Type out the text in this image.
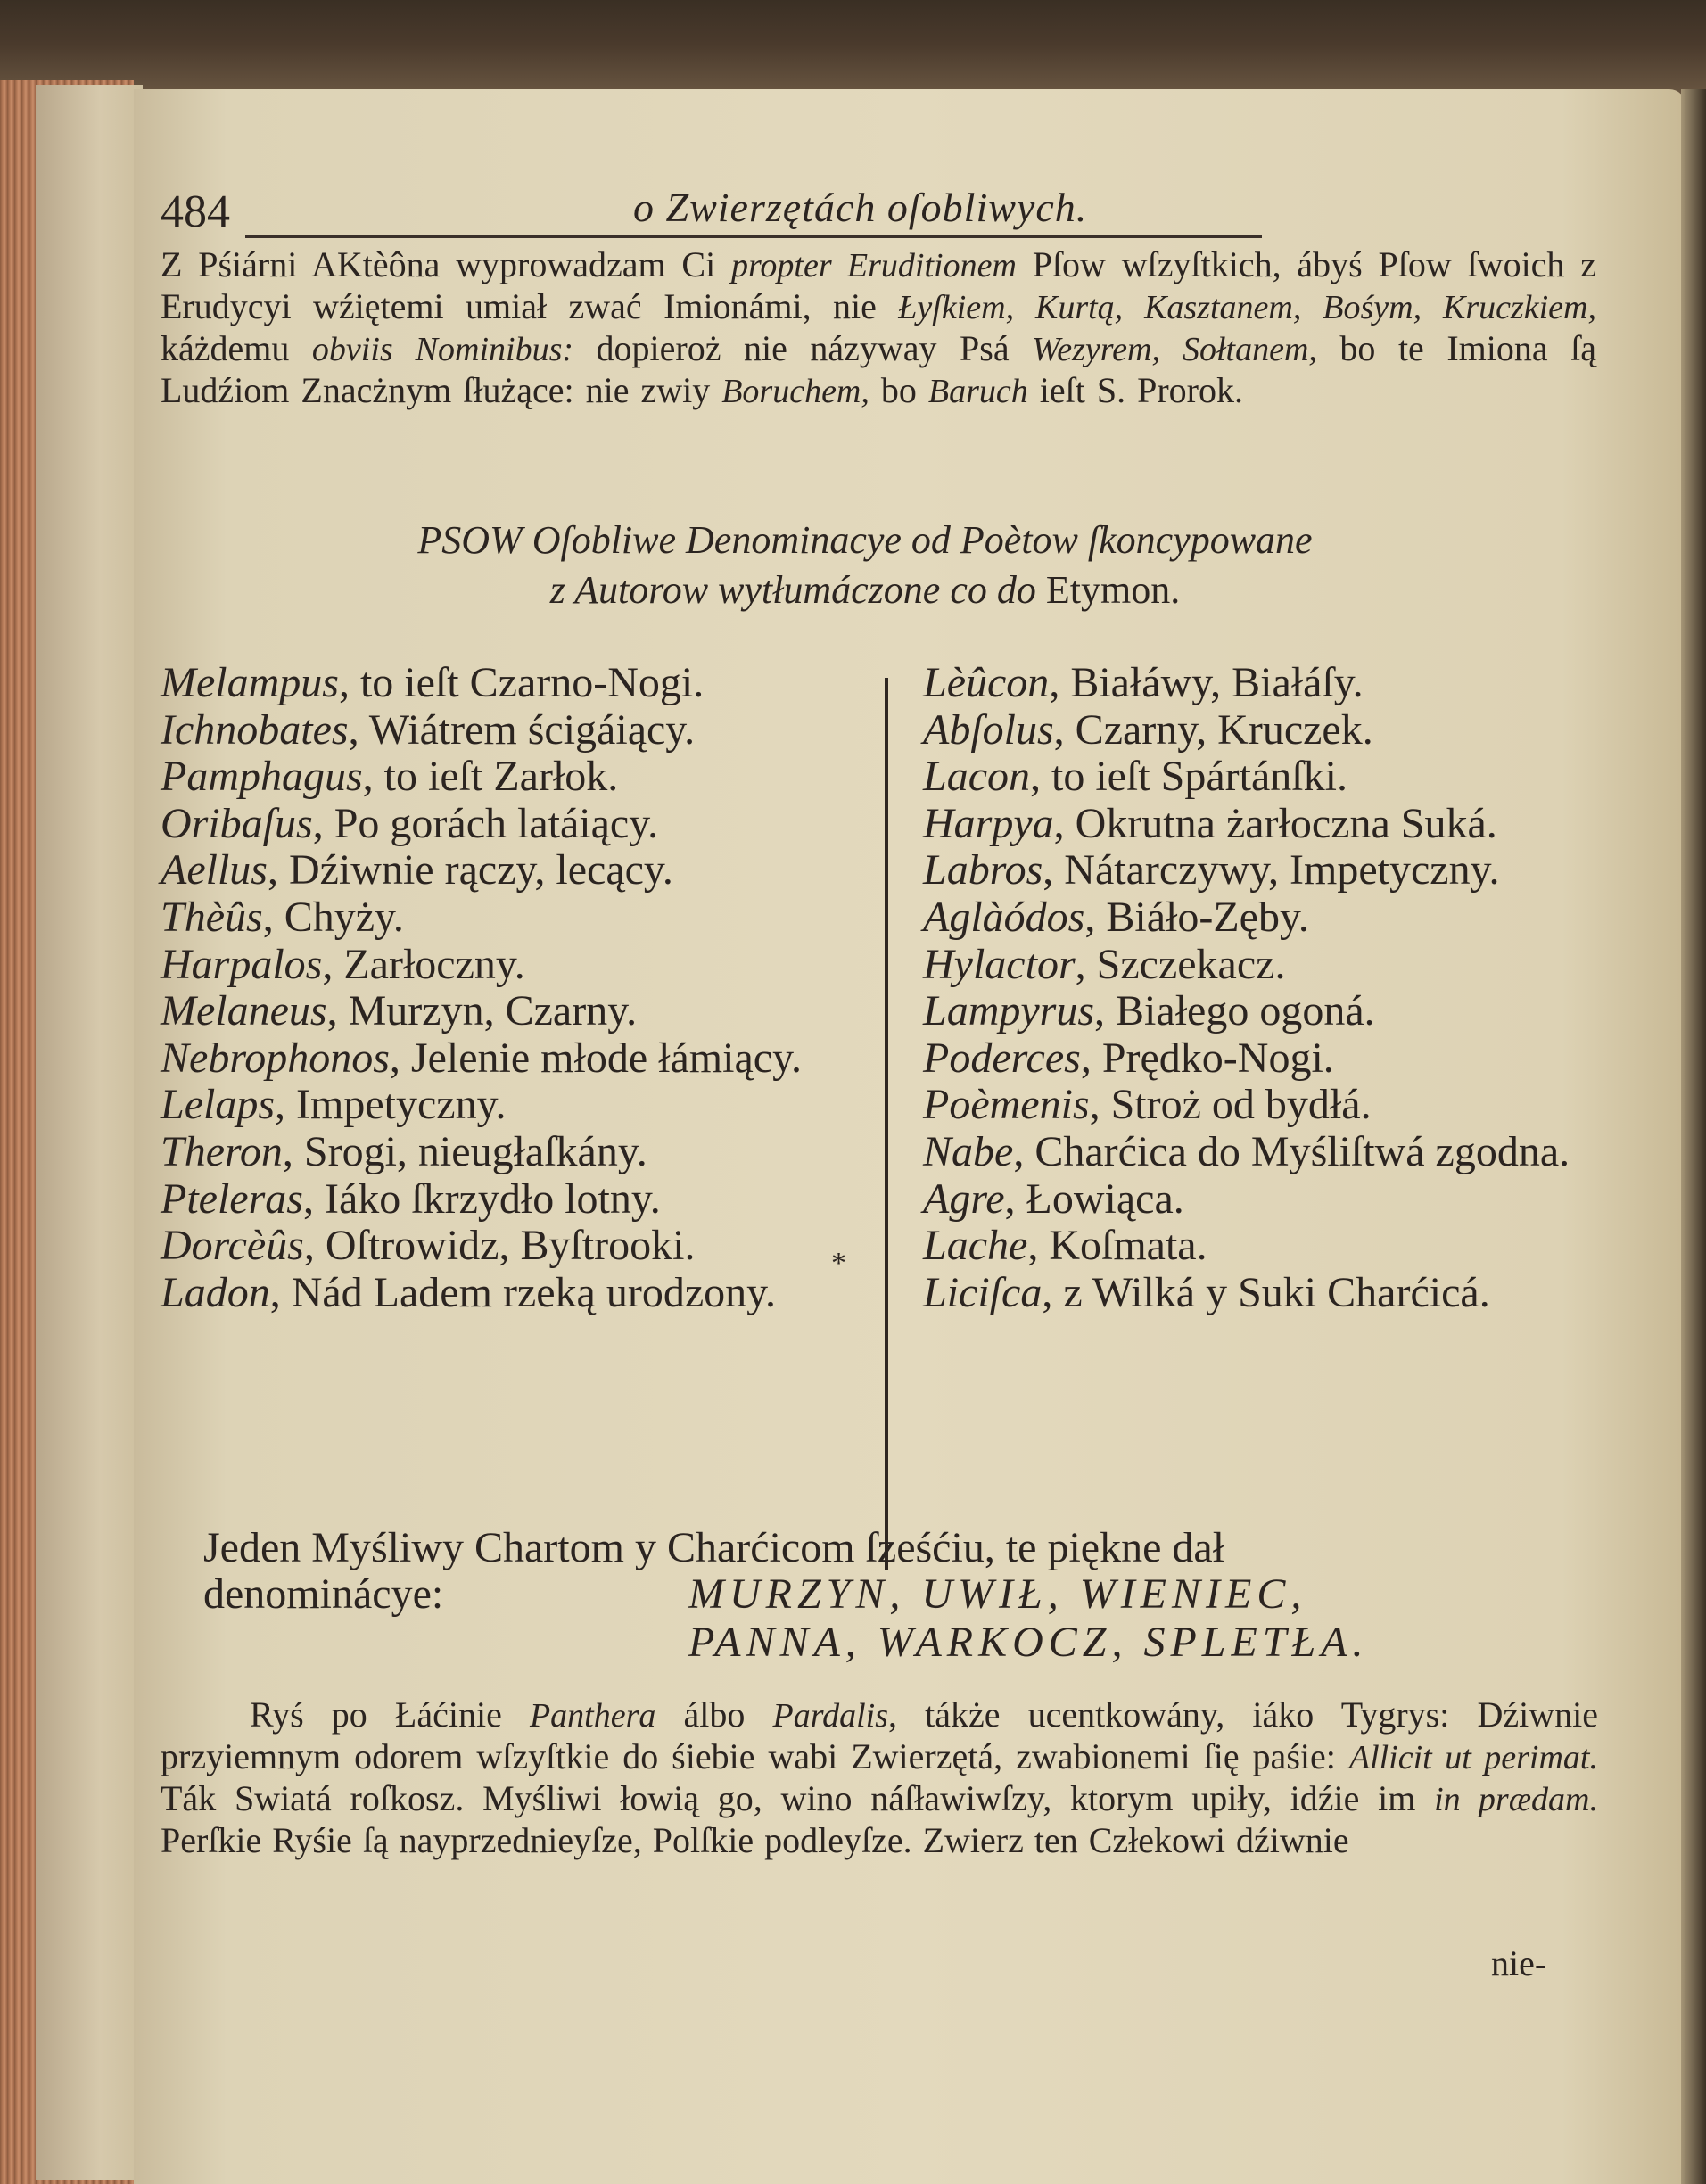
484	o Zwierzętách oſobliwych.

Z Pśiárni AKtèôna wyprowadzam Ci propter Eruditionem Pſow wſzyſtkich, ábyś Pſow ſwoich z Erudycyi wźiętemi umiał zwać Imionámi, nie Łyſkiem, Kurtą, Kasztanem, Bośym, Kruczkiem, káżdemu obviis Nominibus: dopieroż nie názyway Psá Wezyrem, Sołtanem, bo te Imiona ſą Ludźiom Znacżnym ſłużące: nie zwiy Boruchem, bo Baruch ieſt S. Prorok.

PSOW Oſobliwe Denominacye od Poètow ſkoncypowane
z Autorow wytłumáczone co do Etymon.
Melampus, to ieſt Czarno-Nogi.
Ichnobates, Wiátrem ścigáiący.
Pamphagus, to ieſt Zarłok.
Oribaſus, Po gorách latáiący.
Aellus, Dźiwnie rączy, lecący.
Thèûs, Chyży.
Harpalos, Zarłoczny.
Melaneus, Murzyn, Czarny.
Nebrophonos, Jelenie młode łámiący.
Lelaps, Impetyczny.
Theron, Srogi, nieugłaſkány.
Pteleras, Iáko ſkrzydło lotny.
Dorcèûs, Oſtrowidz, Byſtrooki.
Ladon, Nád Ladem rzeką urodzony.
*
Lèûcon, Białáwy, Białáſy.
Abſolus, Czarny, Kruczek.
Lacon, to ieſt Spártánſki.
Harpya, Okrutna żarłoczna Suká.
Labros, Nátarczywy, Impetyczny.
Aglàódos, Biáło-Zęby.
Hylactor, Szczekacz.
Lampyrus, Białego ogoná.
Poderces, Prędko-Nogi.
Poèmenis, Stroż od bydłá.
Nabe, Charćica do Myśliſtwá zgodna.
Agre, Łowiąca.
Lache, Koſmata.
Liciſca, z Wilká y Suki Charćicá.
Jeden Myśliwy Chartom y Charćicom ſześćiu, te piękne dał
denominácye:	MURZYN, UWIŁ, WIENIEC,
PANNA, WARKOCZ, SPLETŁA.

Ryś po Łáćinie Panthera álbo Pardalis, tákże ucentkowány, iáko Tygrys: Dźiwnie przyiemnym odorem wſzyſtkie do śiebie wabi Zwierzętá, zwabionemi ſię paśie: Allicit ut perimat. Ták Swiatá roſkosz. Myśliwi łowią go, wino náſławiwſzy, ktorym upiły, idźie im in prædam. Perſkie Ryśie ſą nayprzednieyſze, Polſkie podleyſze. Zwierz ten Człekowi dźiwnie

nie-
